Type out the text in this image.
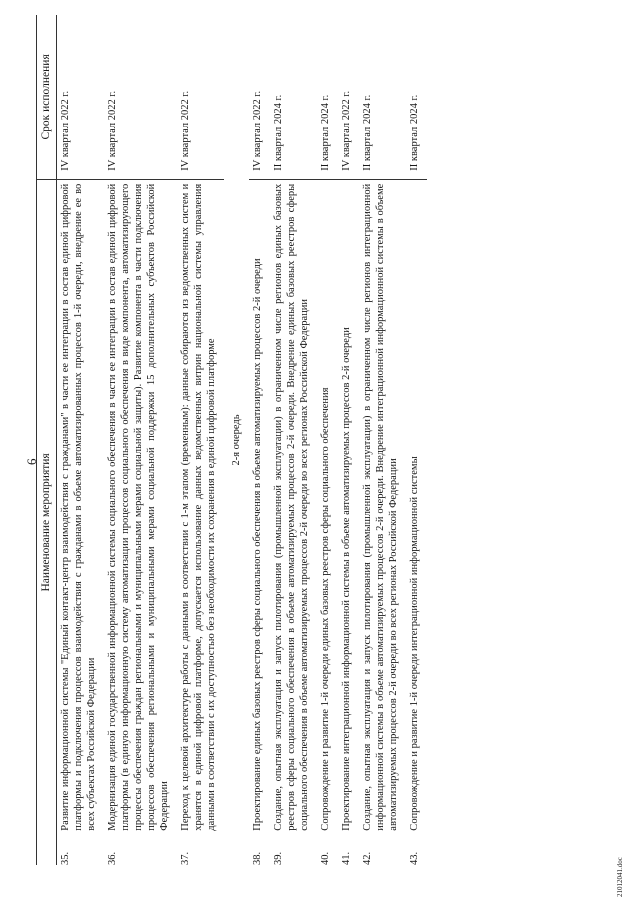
6 Наименование мероприятия		Срок исполнения
35.	Развитие информационной системы "Единый контакт-центр взаимодействия с гражданами" в части ее интеграции в состав единой цифровой платформы и подключения процессов взаимодействия с гражданами в объеме автоматизированных процессов 1-й очереди, внедрение ее во всех субъектах Российской Федерации	IV квартал 2022 г.
36.	Модернизация единой государственной информационной системы социального обеспечения в части ее интеграции в состав единой цифровой платформы (в единую информационную систему автоматизации процессов социального обеспечения в виде компонента, автоматизирующего процессы обеспечения граждан региональными и муниципальными мерами социальной защиты). Развитие компонента в части подключения процессов обеспечения региональными и муниципальными мерами социальной поддержки 15 дополнительных субъектов Российской Федерации	IV квартал 2022 г.
37.	Переход к целевой архитектуре работы с данными в соответствии с 1-м этапом (временным): данные собираются из ведомственных систем и хранятся в единой цифровой платформе, допускается использование данных ведомственных витрин национальной системы управления данными в соответствии с их доступностью без необходимости их сохранения в единой цифровой платформе	IV квартал 2022 г.
2-я очередь		
38.	Проектирование единых базовых реестров сферы социального обеспечения в объеме автоматизируемых процессов 2-й очереди	IV квартал 2022 г.
39.	Создание, опытная эксплуатация и запуск пилотирования (промышленной эксплуатации) в ограниченном числе регионов единых базовых реестров сферы социального обеспечения в объеме автоматизируемых процессов 2-й очереди. Внедрение единых базовых реестров сферы социального обеспечения в объеме автоматизируемых процессов 2-й очереди во всех регионах Российской Федерации	II квартал 2024 г.
40.	Сопровождение и развитие 1-й очереди единых базовых реестров сферы социального обеспечения	II квартал 2024 г.
41.	Проектирование интеграционной информационной системы в объеме автоматизируемых процессов 2-й очереди	IV квартал 2022 г.
42.	Создание, опытная эксплуатация и запуск пилотирования (промышленной эксплуатации) в ограниченном числе регионов интеграционной информационной системы в объеме автоматизируемых процессов 2-й очереди. Внедрение интеграционной информационной системы в объеме автоматизируемых процессов 2-й очереди во всех регионах Российской Федерации	II квартал 2024 г.
43.	Сопровождение и развитие 1-й очереди интеграционной информационной системы	II квартал 2024 г.
21012041.doc
